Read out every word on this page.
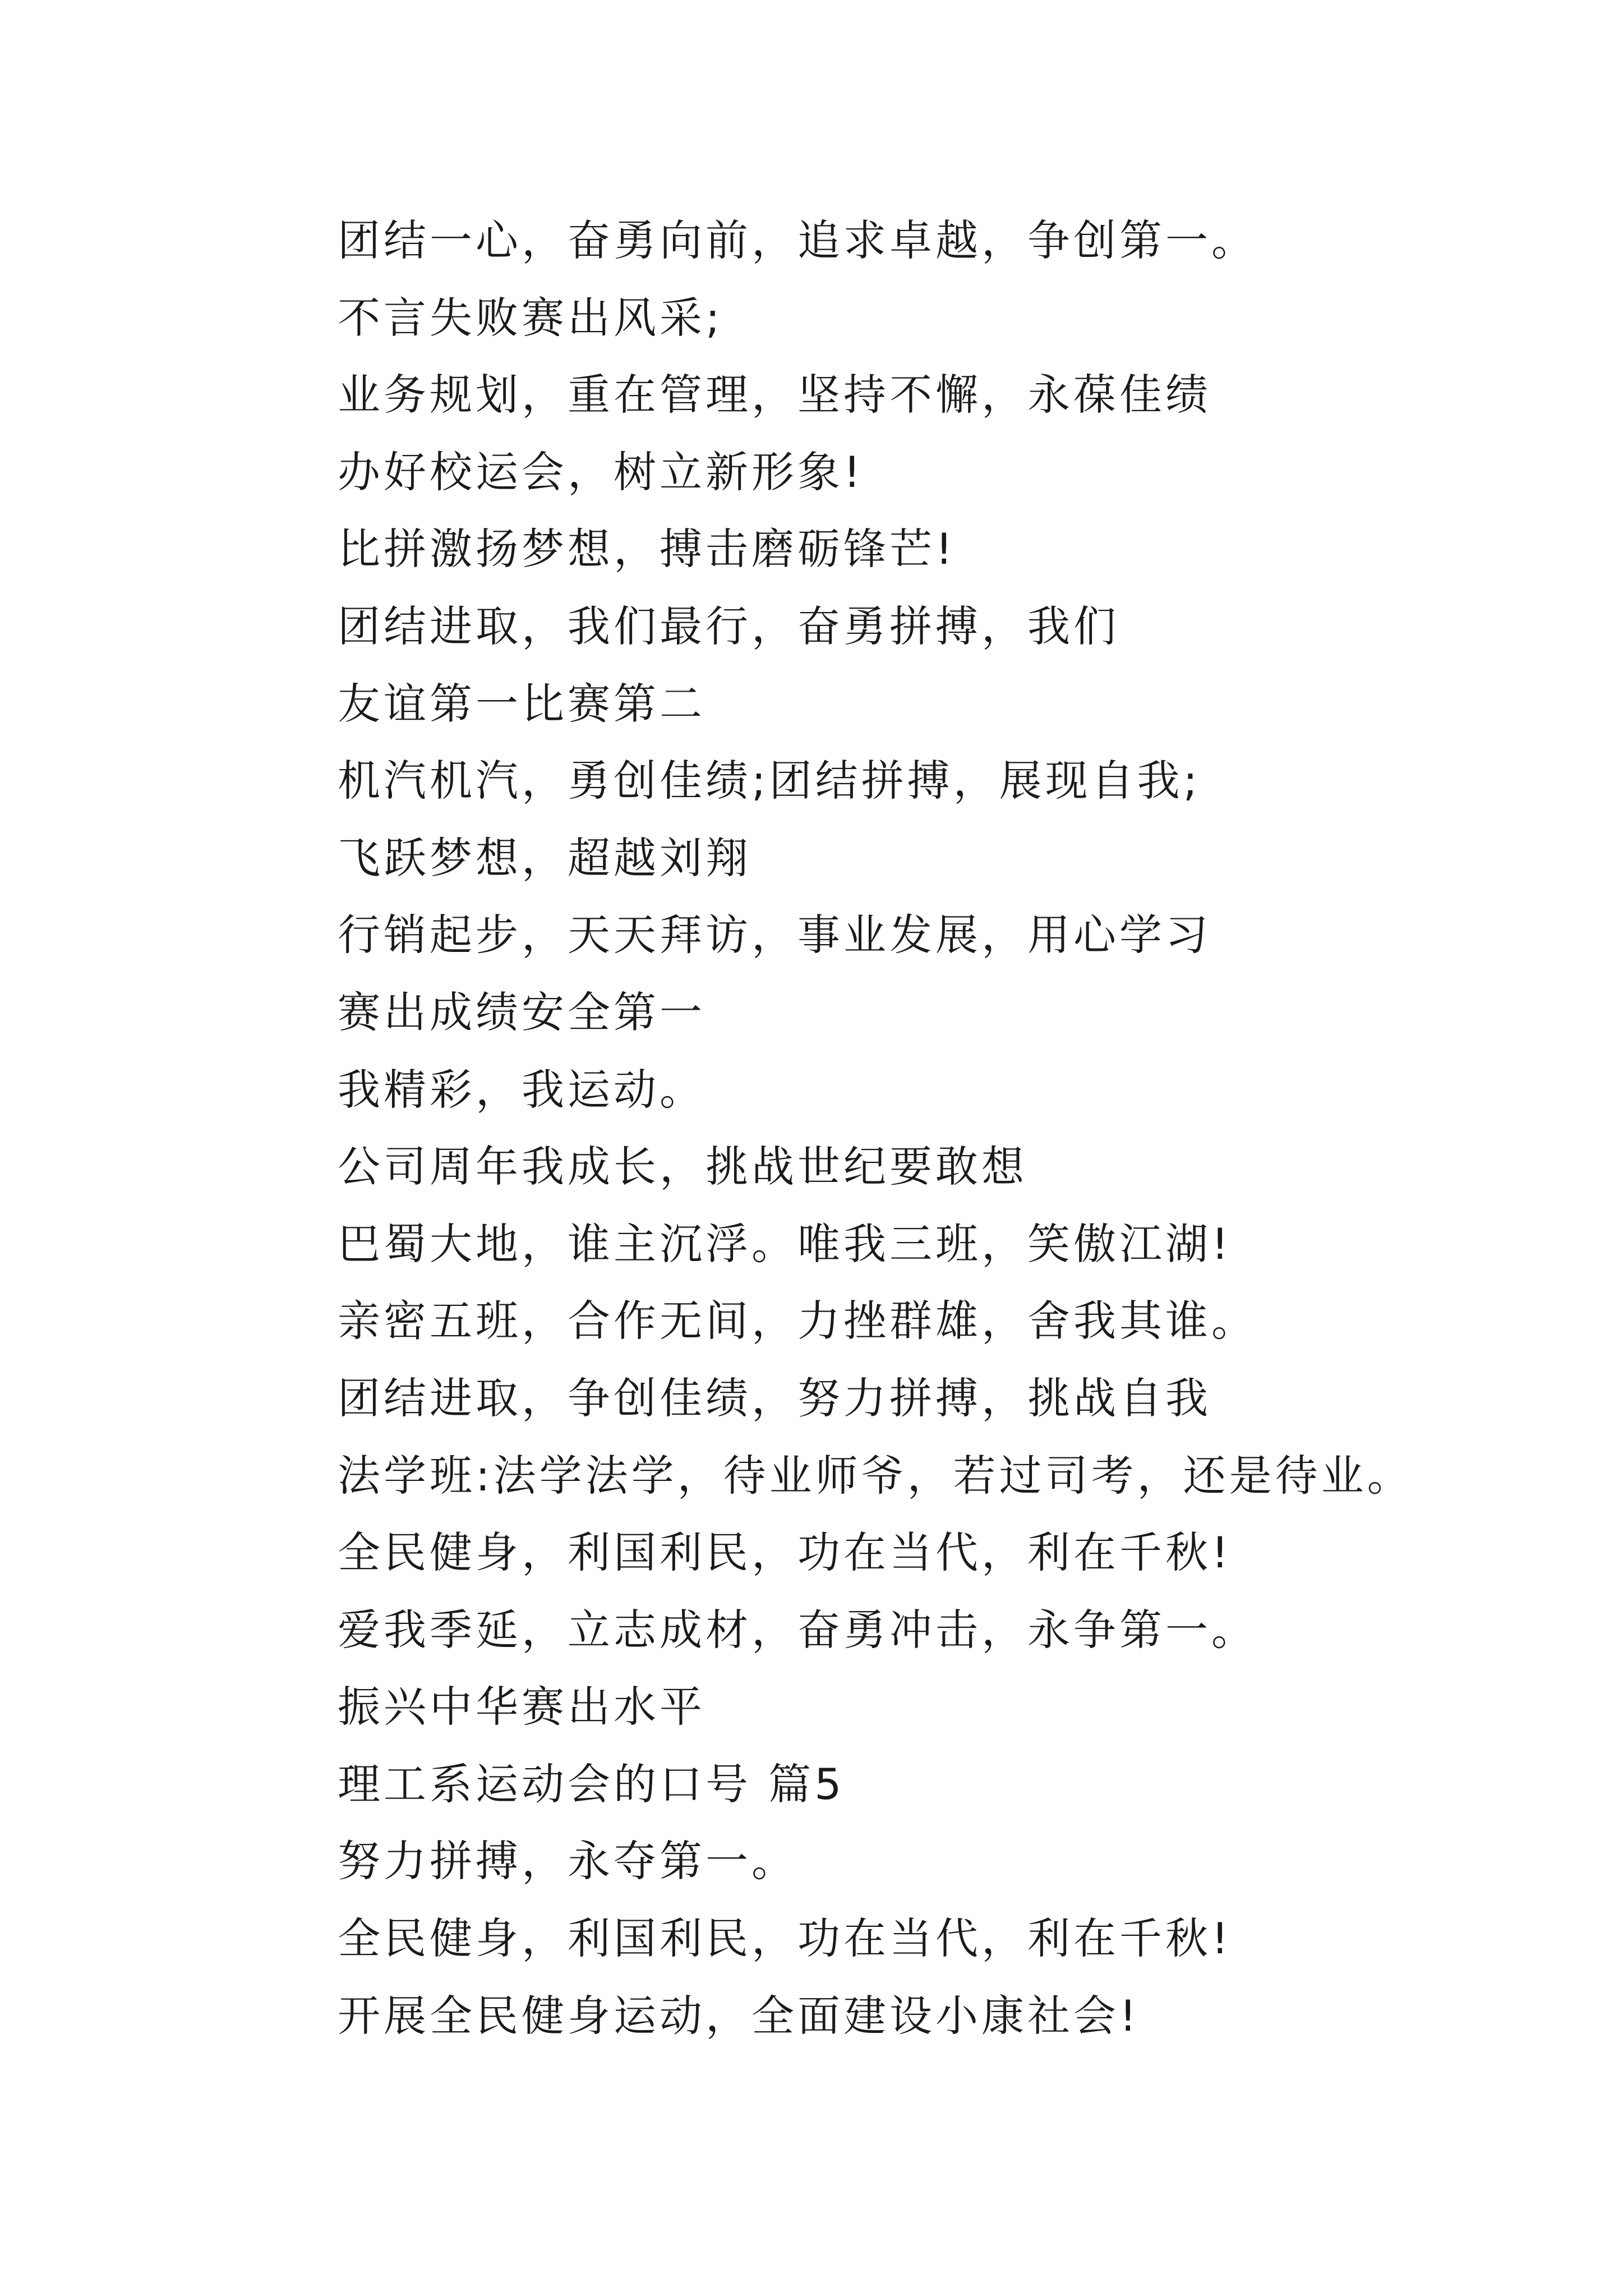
团结一心，奋勇向前，追求卓越，争创第一。
不言失败赛出风采;
业务规划，重在管理，坚持不懈，永葆佳绩
办好校运会，树立新形象!
比拼激扬梦想，搏击磨砺锋芒!
团结进取，我们最行，奋勇拼搏，我们
友谊第一比赛第二
机汽机汽，勇创佳绩;团结拼搏，展现自我;
飞跃梦想，超越刘翔
行销起步，天天拜访，事业发展，用心学习
赛出成绩安全第一
我精彩，我运动。
公司周年我成长，挑战世纪要敢想
巴蜀大地，谁主沉浮。唯我三班，笑傲江湖!
亲密五班，合作无间，力挫群雄，舍我其谁。
团结进取，争创佳绩，努力拼搏，挑战自我
法学班:法学法学，待业师爷，若过司考，还是待业。
全民健身，利国利民，功在当代，利在千秋!
爱我季延，立志成材，奋勇冲击，永争第一。
振兴中华赛出水平
理工系运动会的口号 篇5
努力拼搏，永夺第一。
全民健身，利国利民，功在当代，利在千秋!
开展全民健身运动，全面建设小康社会!
